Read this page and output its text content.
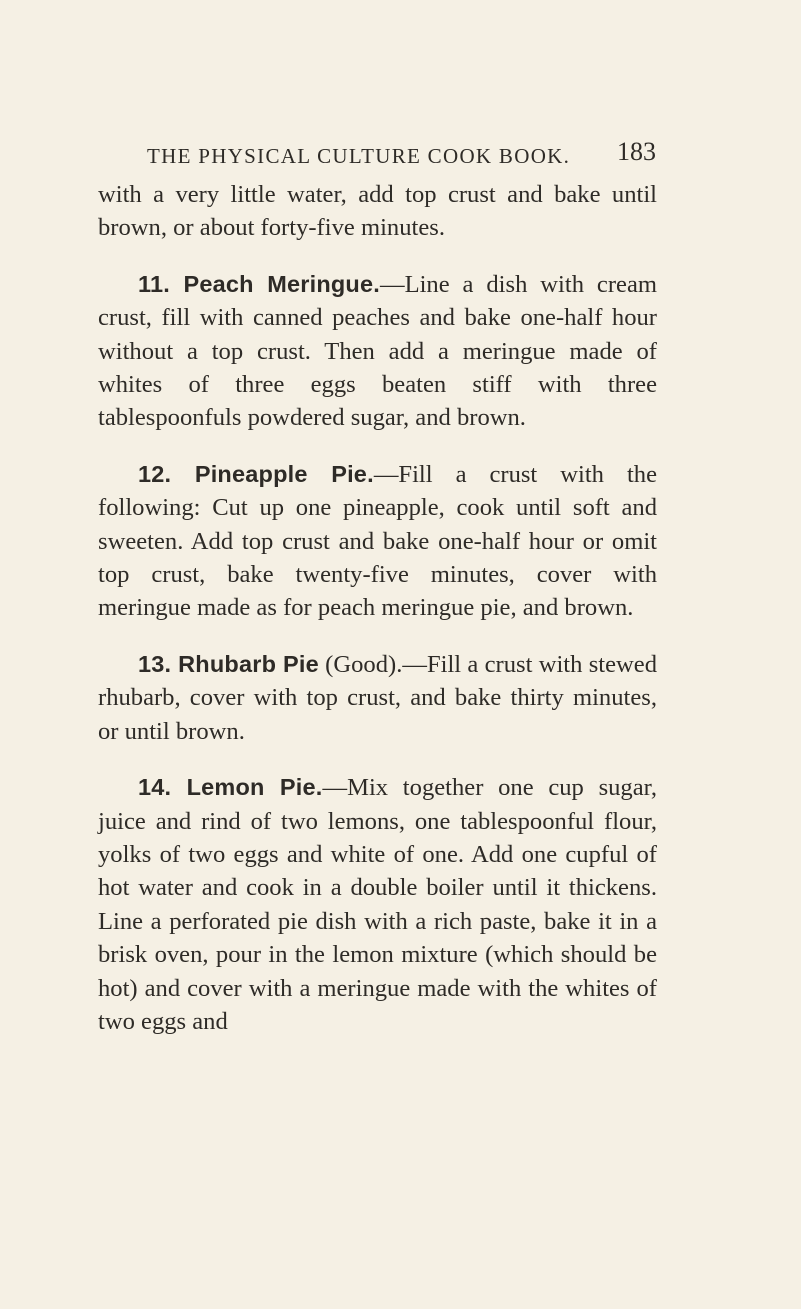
THE PHYSICAL CULTURE COOK BOOK. 183

with a very little water, add top crust and bake until brown, or about forty-five minutes.

11. Peach Meringue.—Line a dish with cream crust, fill with canned peaches and bake one-half hour without a top crust. Then add a meringue made of whites of three eggs beaten stiff with three tablespoonfuls powdered sugar, and brown.

12. Pineapple Pie.—Fill a crust with the following: Cut up one pineapple, cook until soft and sweeten. Add top crust and bake one-half hour or omit top crust, bake twenty-five minutes, cover with meringue made as for peach meringue pie, and brown.

13. Rhubarb Pie (Good).—Fill a crust with stewed rhubarb, cover with top crust, and bake thirty minutes, or until brown.

14. Lemon Pie.—Mix together one cup sugar, juice and rind of two lemons, one tablespoonful flour, yolks of two eggs and white of one. Add one cupful of hot water and cook in a double boiler until it thickens. Line a perforated pie dish with a rich paste, bake it in a brisk oven, pour in the lemon mixture (which should be hot) and cover with a meringue made with the whites of two eggs and
